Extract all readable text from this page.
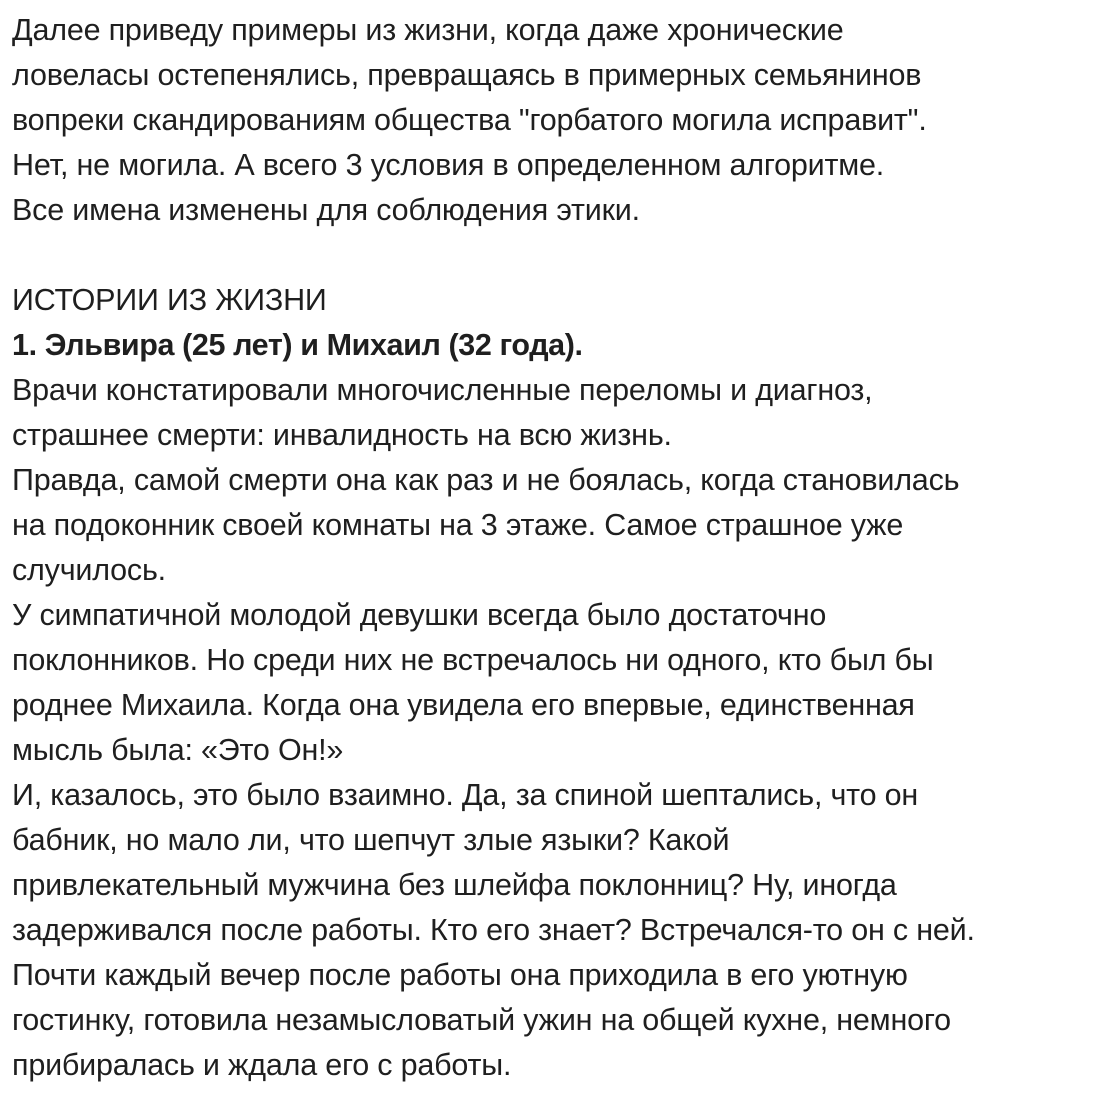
Далее приведу примеры из жизни, когда даже хронические
ловеласы остепенялись, превращаясь в примерных семьянинов
вопреки скандированиям общества "горбатого могила исправит".
Нет, не могила. А всего 3 условия в определенном алгоритме.
Все имена изменены для соблюдения этики.
ИСТОРИИ ИЗ ЖИЗНИ
1. Эльвира (25 лет) и Михаил (32 года).
Врачи констатировали многочисленные переломы и диагноз,
страшнее смерти: инвалидность на всю жизнь.
Правда, самой смерти она как раз и не боялась, когда становилась
на подоконник своей комнаты на 3 этаже. Самое страшное уже
случилось.
У симпатичной молодой девушки всегда было достаточно
поклонников. Но среди них не встречалось ни одного, кто был бы
роднее Михаила. Когда она увидела его впервые, единственная
мысль была: «Это Он!»
И, казалось, это было взаимно. Да, за спиной шептались, что он
бабник, но мало ли, что шепчут злые языки? Какой
привлекательный мужчина без шлейфа поклонниц? Ну, иногда
задерживался после работы. Кто его знает? Встречался-то он с ней.
Почти каждый вечер после работы она приходила в его уютную
гостинку, готовила незамысловатый ужин на общей кухне, немного
прибиралась и ждала его с работы.
